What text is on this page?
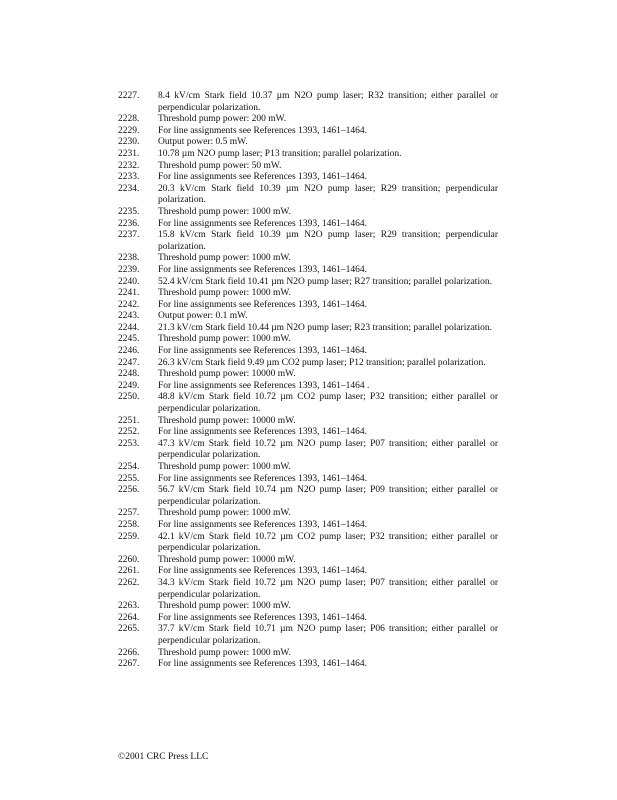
2227.	8.4 kV/cm Stark field 10.37 µm N2O pump laser; R32 transition; either parallel or perpendicular polarization.
2228.	Threshold pump power: 200 mW.
2229.	For line assignments see References 1393, 1461–1464.
2230.	Output power: 0.5 mW.
2231.	10.78 µm N2O pump laser; P13 transition; parallel polarization.
2232.	Threshold pump power: 50 mW.
2233.	For line assignments see References 1393, 1461–1464.
2234.	20.3 kV/cm Stark field 10.39 µm N2O pump laser; R29 transition; perpendicular polarization.
2235.	Threshold pump power: 1000 mW.
2236.	For line assignments see References 1393, 1461–1464.
2237.	15.8 kV/cm Stark field 10.39 µm N2O pump laser; R29 transition; perpendicular polarization.
2238.	Threshold pump power: 1000 mW.
2239.	For line assignments see References 1393, 1461–1464.
2240.	52.4 kV/cm Stark field 10.41 µm N2O pump laser; R27 transition; parallel polarization.
2241.	Threshold pump power: 1000 mW.
2242.	For line assignments see References 1393, 1461–1464.
2243.	Output power: 0.1 mW.
2244.	21.3 kV/cm Stark field 10.44 µm N2O pump laser; R23 transition; parallel polarization.
2245.	Threshold pump power: 1000 mW.
2246.	For line assignments see References 1393, 1461–1464.
2247.	26.3 kV/cm Stark field 9.49 µm CO2 pump laser; P12 transition; parallel polarization.
2248.	Threshold pump power: 10000 mW.
2249.	For line assignments see References 1393, 1461–1464 .
2250.	48.8 kV/cm Stark field 10.72 µm CO2 pump laser; P32 transition; either parallel or perpendicular polarization.
2251.	Threshold pump power: 10000 mW.
2252.	For line assignments see References 1393, 1461–1464.
2253.	47.3 kV/cm Stark field 10.72 µm N2O pump laser; P07 transition; either parallel or perpendicular polarization.
2254.	Threshold pump power: 1000 mW.
2255.	For line assignments see References 1393, 1461–1464.
2256.	56.7 kV/cm Stark field 10.74 µm N2O pump laser; P09 transition; either parallel or perpendicular polarization.
2257.	Threshold pump power: 1000 mW.
2258.	For line assignments see References 1393, 1461–1464.
2259.	42.1 kV/cm Stark field 10.72 µm CO2 pump laser; P32 transition; either parallel or perpendicular polarization.
2260.	Threshold pump power: 10000 mW.
2261.	For line assignments see References 1393, 1461–1464.
2262.	34.3 kV/cm Stark field 10.72 µm N2O pump laser; P07 transition; either parallel or perpendicular polarization.
2263.	Threshold pump power: 1000 mW.
2264.	For line assignments see References 1393, 1461–1464.
2265.	37.7 kV/cm Stark field 10.71 µm N2O pump laser; P06 transition; either parallel or perpendicular polarization.
2266.	Threshold pump power: 1000 mW.
2267.	For line assignments see References 1393, 1461–1464.
©2001 CRC Press LLC
